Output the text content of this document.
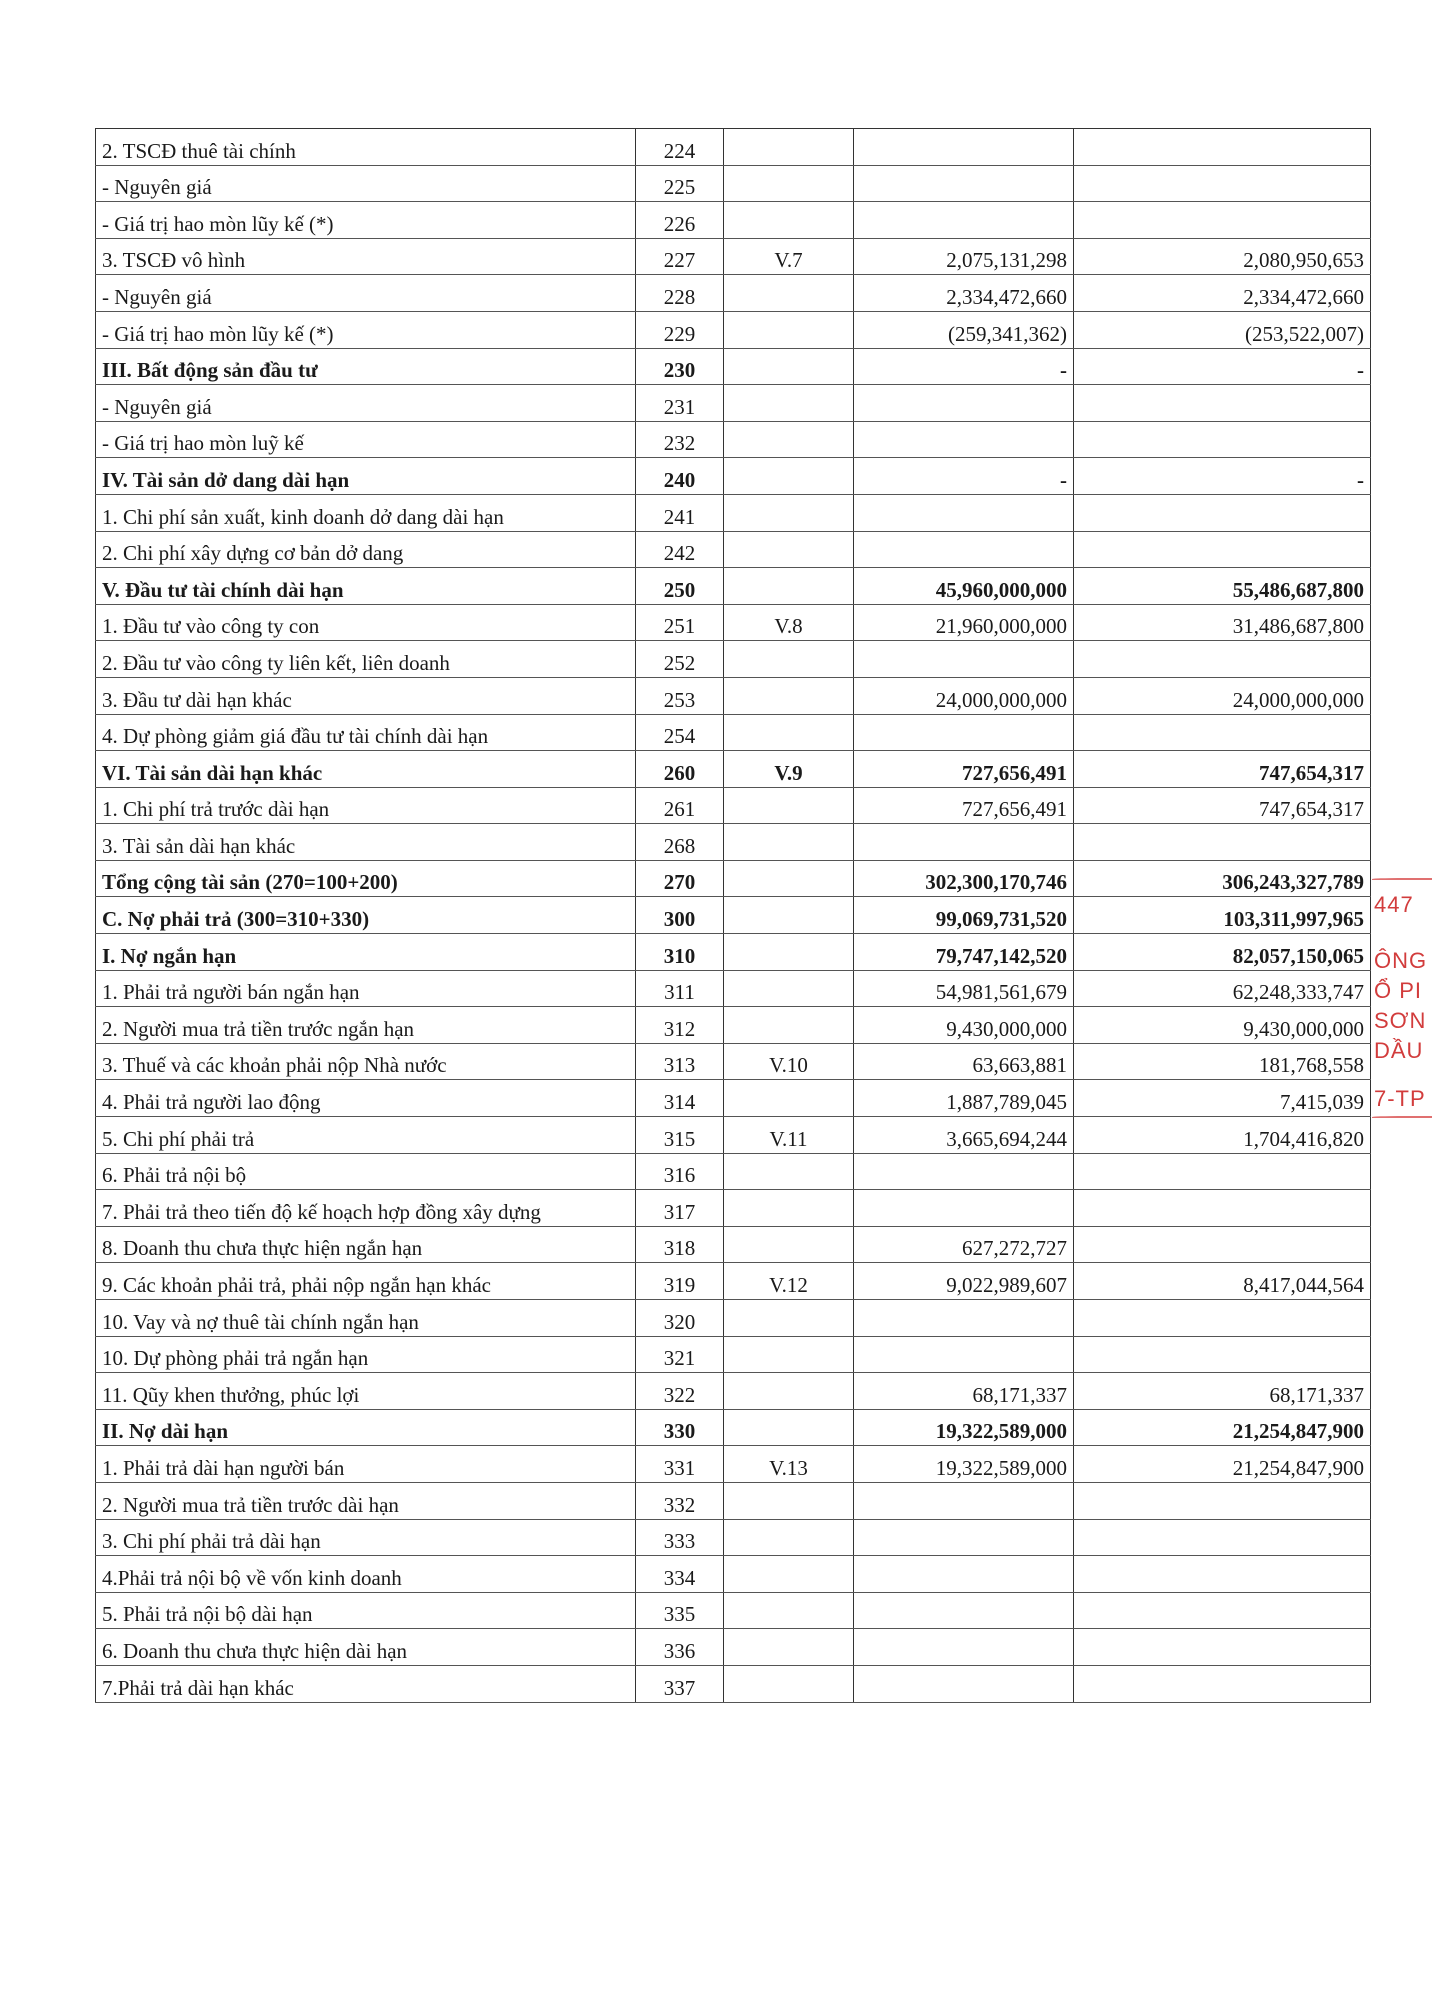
2. TSCĐ thuê tài chính	224			
- Nguyên giá	225			
- Giá trị hao mòn lũy kế (*)	226			
3. TSCĐ vô hình	227	V.7	2,075,131,298	2,080,950,653
- Nguyên giá	228		2,334,472,660	2,334,472,660
- Giá trị hao mòn lũy kế (*)	229		(259,341,362)	(253,522,007)
III. Bất động sản đầu tư	230		-	-
- Nguyên giá	231			
- Giá trị hao mòn luỹ kế	232			
IV. Tài sản dở dang dài hạn	240		-	-
1. Chi phí sản xuất, kinh doanh dở dang dài hạn	241			
2. Chi phí xây dựng cơ bản dở dang	242			
V. Đầu tư tài chính dài hạn	250		45,960,000,000	55,486,687,800
1. Đầu tư vào công ty con	251	V.8	21,960,000,000	31,486,687,800
2. Đầu tư vào công ty liên kết, liên doanh	252			
3. Đầu tư dài hạn khác	253		24,000,000,000	24,000,000,000
4. Dự phòng giảm giá đầu tư tài chính dài hạn	254			
VI. Tài sản dài hạn khác	260	V.9	727,656,491	747,654,317
1. Chi phí trả trước dài hạn	261		727,656,491	747,654,317
3. Tài sản dài hạn khác	268			
Tổng cộng tài sản (270=100+200)	270		302,300,170,746	306,243,327,789
C. Nợ phải trả (300=310+330)	300		99,069,731,520	103,311,997,965
I. Nợ ngắn hạn	310		79,747,142,520	82,057,150,065
1. Phải trả người bán ngắn hạn	311		54,981,561,679	62,248,333,747
2. Người mua trả tiền trước ngắn hạn	312		9,430,000,000	9,430,000,000
3. Thuế và các khoản phải nộp Nhà nước	313	V.10	63,663,881	181,768,558
4. Phải trả người lao động	314		1,887,789,045	7,415,039
5. Chi phí phải trả	315	V.11	3,665,694,244	1,704,416,820
6. Phải trả nội bộ	316			
7. Phải trả theo tiến độ kế hoạch hợp đồng xây dựng	317			
8. Doanh thu chưa thực hiện ngắn hạn	318		627,272,727	
9. Các khoản phải trả, phải nộp ngắn hạn khác	319	V.12	9,022,989,607	8,417,044,564
10. Vay và nợ thuê tài chính ngắn hạn	320			
10. Dự phòng phải trả ngắn hạn	321			
11. Qũy khen thưởng, phúc lợi	322		68,171,337	68,171,337
II. Nợ dài hạn	330		19,322,589,000	21,254,847,900
1. Phải trả dài hạn người bán	331	V.13	19,322,589,000	21,254,847,900
2. Người mua trả tiền trước dài hạn	332			
3. Chi phí phải trả dài hạn	333			
4.Phải trả nội bộ về vốn kinh doanh	334			
5. Phải trả nội bộ dài hạn	335			
6. Doanh thu chưa thực hiện dài hạn	336			
7.Phải trả dài hạn khác	337			
447
ÔNG
Ổ PI
SƠN
DẦU
7-TP
